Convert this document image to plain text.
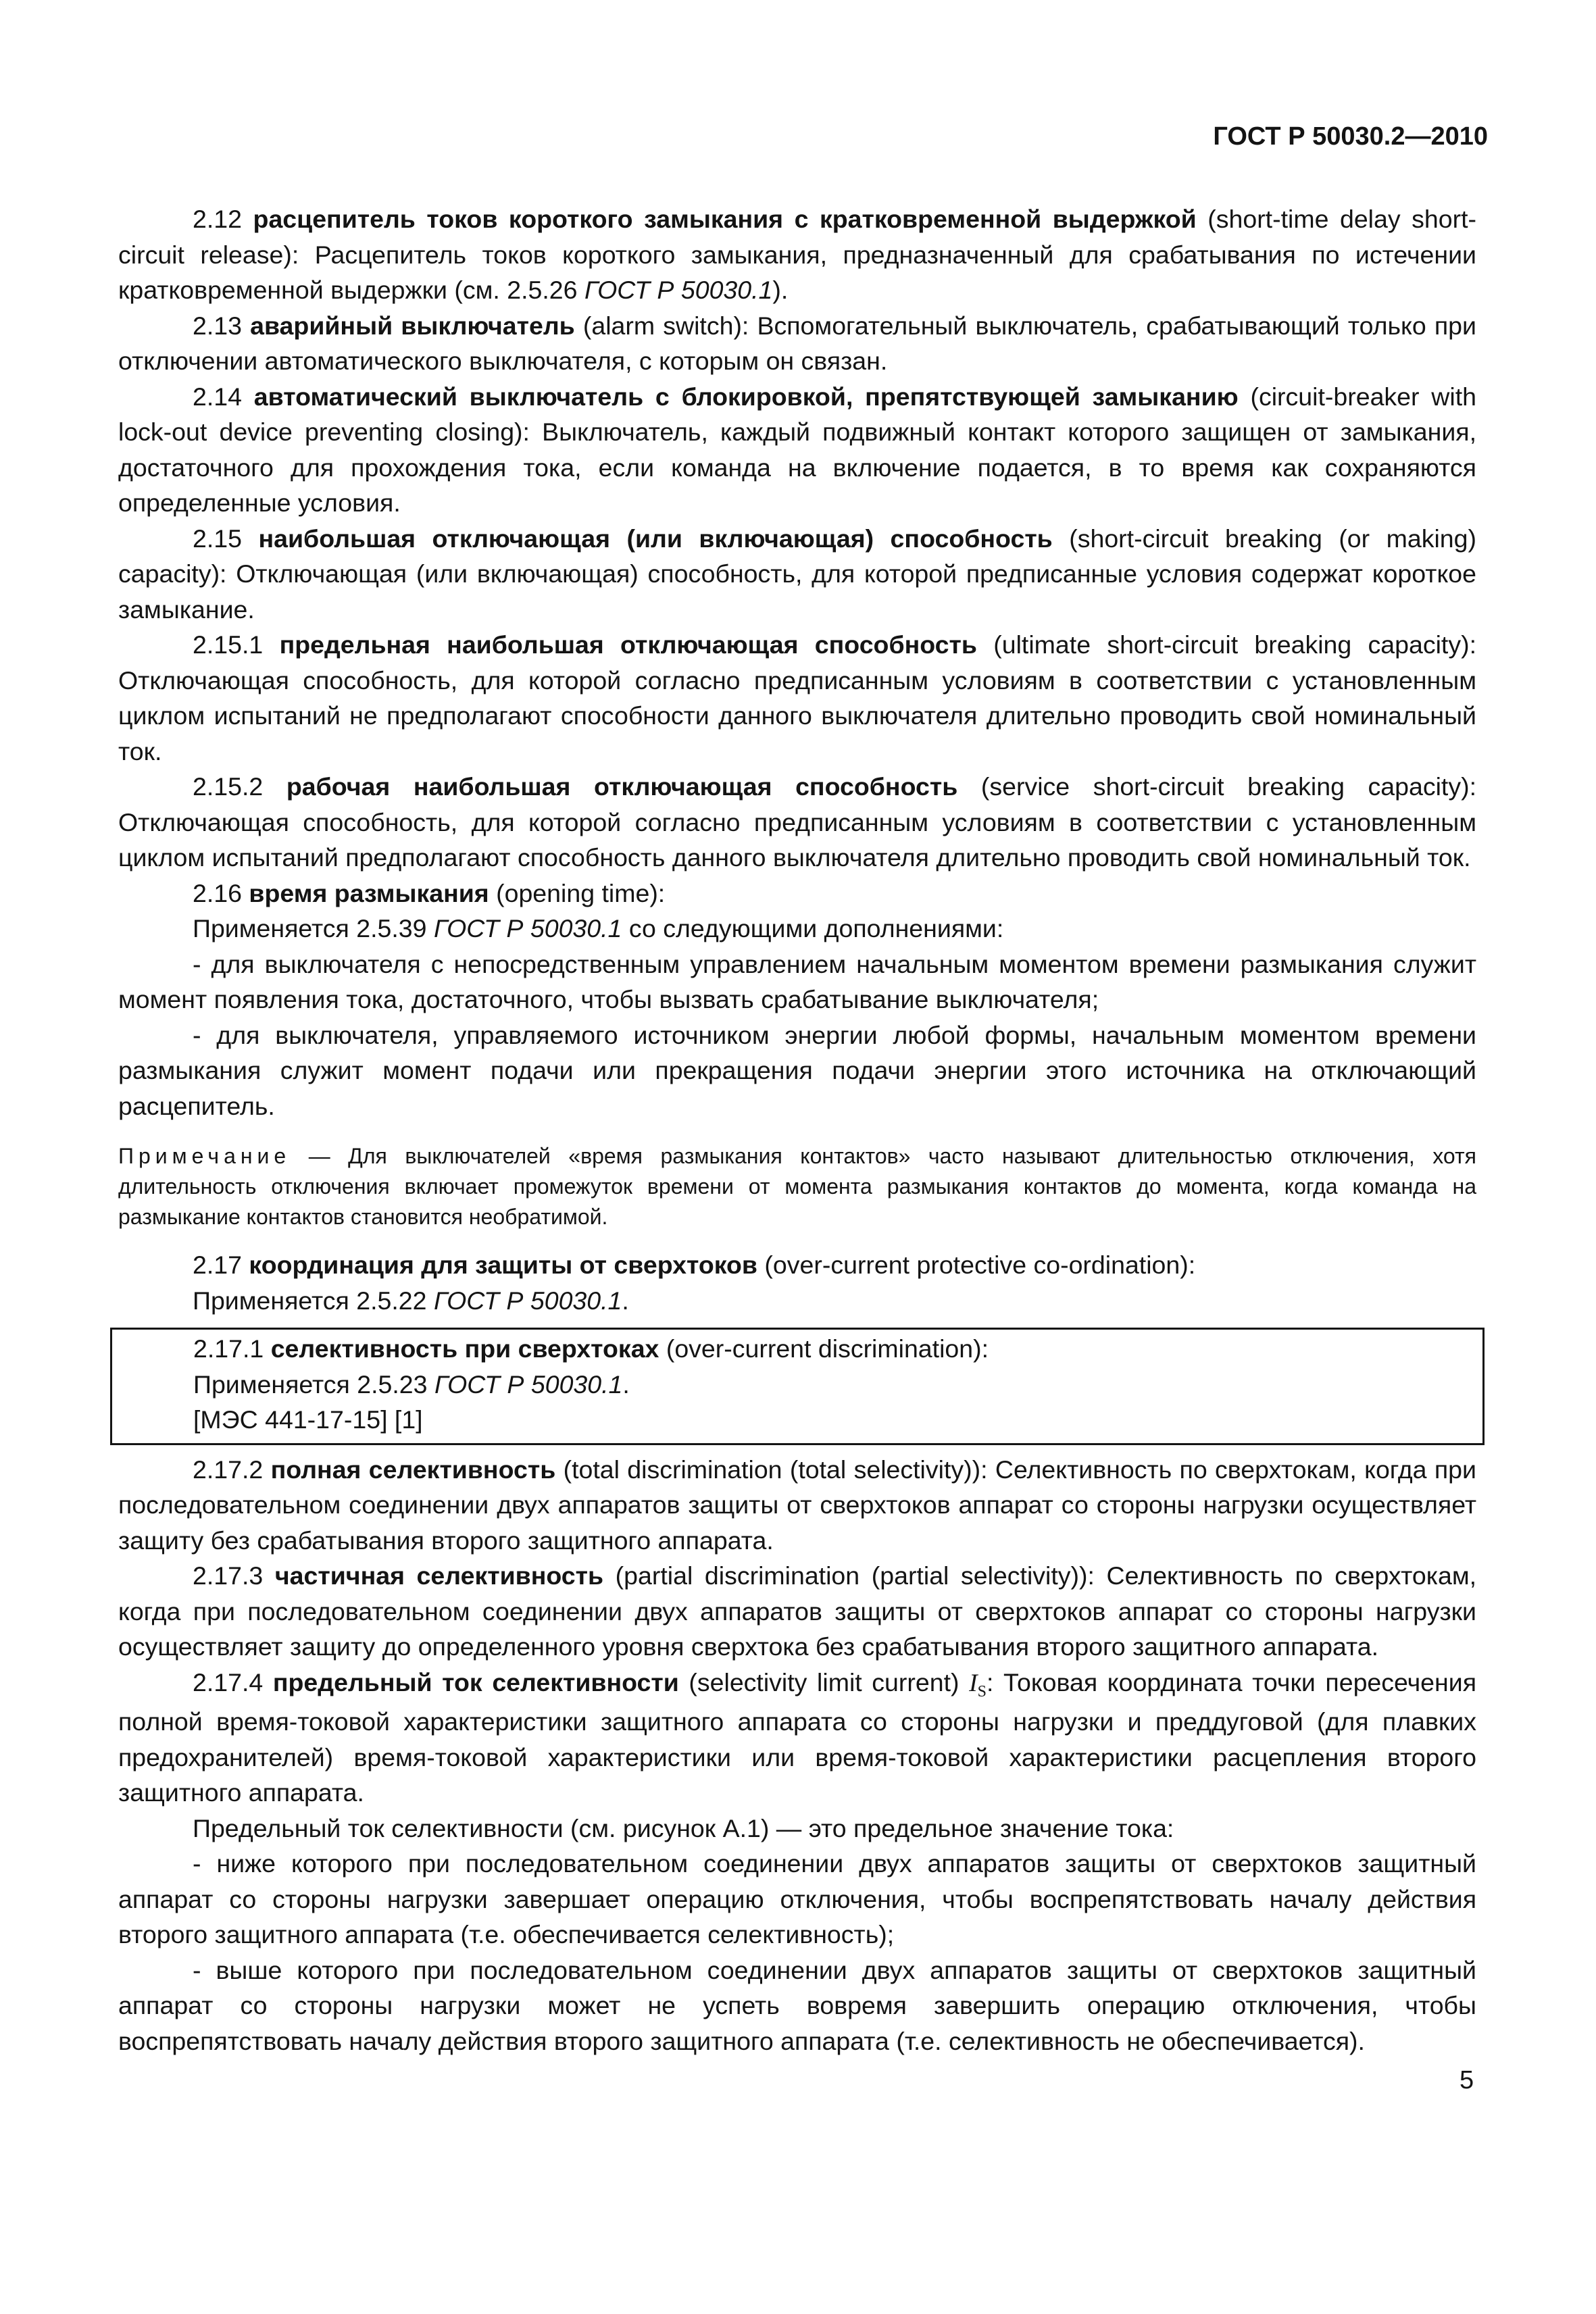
ГОСТ Р 50030.2—2010

2.12 расцепитель токов короткого замыкания с кратковременной выдержкой (short-time delay short-circuit release): Расцепитель токов короткого замыкания, предназначенный для срабатывания по истечении кратковременной выдержки (см. 2.5.26 ГОСТ Р 50030.1).

2.13 аварийный выключатель (alarm switch): Вспомогательный выключатель, срабатывающий только при отключении автоматического выключателя, с которым он связан.

2.14 автоматический выключатель с блокировкой, препятствующей замыканию (circuit-breaker with lock-out device preventing closing): Выключатель, каждый подвижный контакт которого защищен от замыкания, достаточного для прохождения тока, если команда на включение подается, в то время как сохраняются определенные условия.

2.15 наибольшая отключающая (или включающая) способность (short-circuit breaking (or making) capacity): Отключающая (или включающая) способность, для которой предписанные условия содержат короткое замыкание.

2.15.1 предельная наибольшая отключающая способность (ultimate short-circuit breaking capacity): Отключающая способность, для которой согласно предписанным условиям в соответствии с установленным циклом испытаний не предполагают способности данного выключателя длительно проводить свой номинальный ток.

2.15.2 рабочая наибольшая отключающая способность (service short-circuit breaking capacity): Отключающая способность, для которой согласно предписанным условиям в соответствии с установленным циклом испытаний предполагают способность данного выключателя длительно проводить свой номинальный ток.

2.16 время размыкания (opening time):

Применяется 2.5.39 ГОСТ Р 50030.1 со следующими дополнениями:

- для выключателя с непосредственным управлением начальным моментом времени размыкания служит момент появления тока, достаточного, чтобы вызвать срабатывание выключателя;

- для выключателя, управляемого источником энергии любой формы, начальным моментом времени размыкания служит момент подачи или прекращения подачи энергии этого источника на отключающий расцепитель.

Примечание — Для выключателей «время размыкания контактов» часто называют длительностью отключения, хотя длительность отключения включает промежуток времени от момента размыкания контактов до момента, когда команда на размыкание контактов становится необратимой.

2.17 координация для защиты от сверхтоков (over-current protective co-ordination):

Применяется 2.5.22 ГОСТ Р 50030.1.

2.17.1 селективность при сверхтоках (over-current discrimination):

Применяется 2.5.23 ГОСТ Р 50030.1.

[МЭС 441-17-15] [1]

2.17.2 полная селективность (total discrimination (total selectivity)): Селективность по сверхтокам, когда при последовательном соединении двух аппаратов защиты от сверхтоков аппарат со стороны нагрузки осуществляет защиту без срабатывания второго защитного аппарата.

2.17.3 частичная селективность (partial discrimination (partial selectivity)): Селективность по сверхтокам, когда при последовательном соединении двух аппаратов защиты от сверхтоков аппарат со стороны нагрузки осуществляет защиту до определенного уровня сверхтока без срабатывания второго защитного аппарата.

2.17.4 предельный ток селективности (selectivity limit current) $I_S$: Токовая координата точки пересечения полной время-токовой характеристики защитного аппарата со стороны нагрузки и преддуговой (для плавких предохранителей) время-токовой характеристики или время-токовой характеристики расцепления второго защитного аппарата.

Предельный ток селективности (см. рисунок А.1) — это предельное значение тока:

- ниже которого при последовательном соединении двух аппаратов защиты от сверхтоков защитный аппарат со стороны нагрузки завершает операцию отключения, чтобы воспрепятствовать началу действия второго защитного аппарата (т.е. обеспечивается селективность);

- выше которого при последовательном соединении двух аппаратов защиты от сверхтоков защитный аппарат со стороны нагрузки может не успеть вовремя завершить операцию отключения, чтобы воспрепятствовать началу действия второго защитного аппарата (т.е. селективность не обеспечивается).

5
